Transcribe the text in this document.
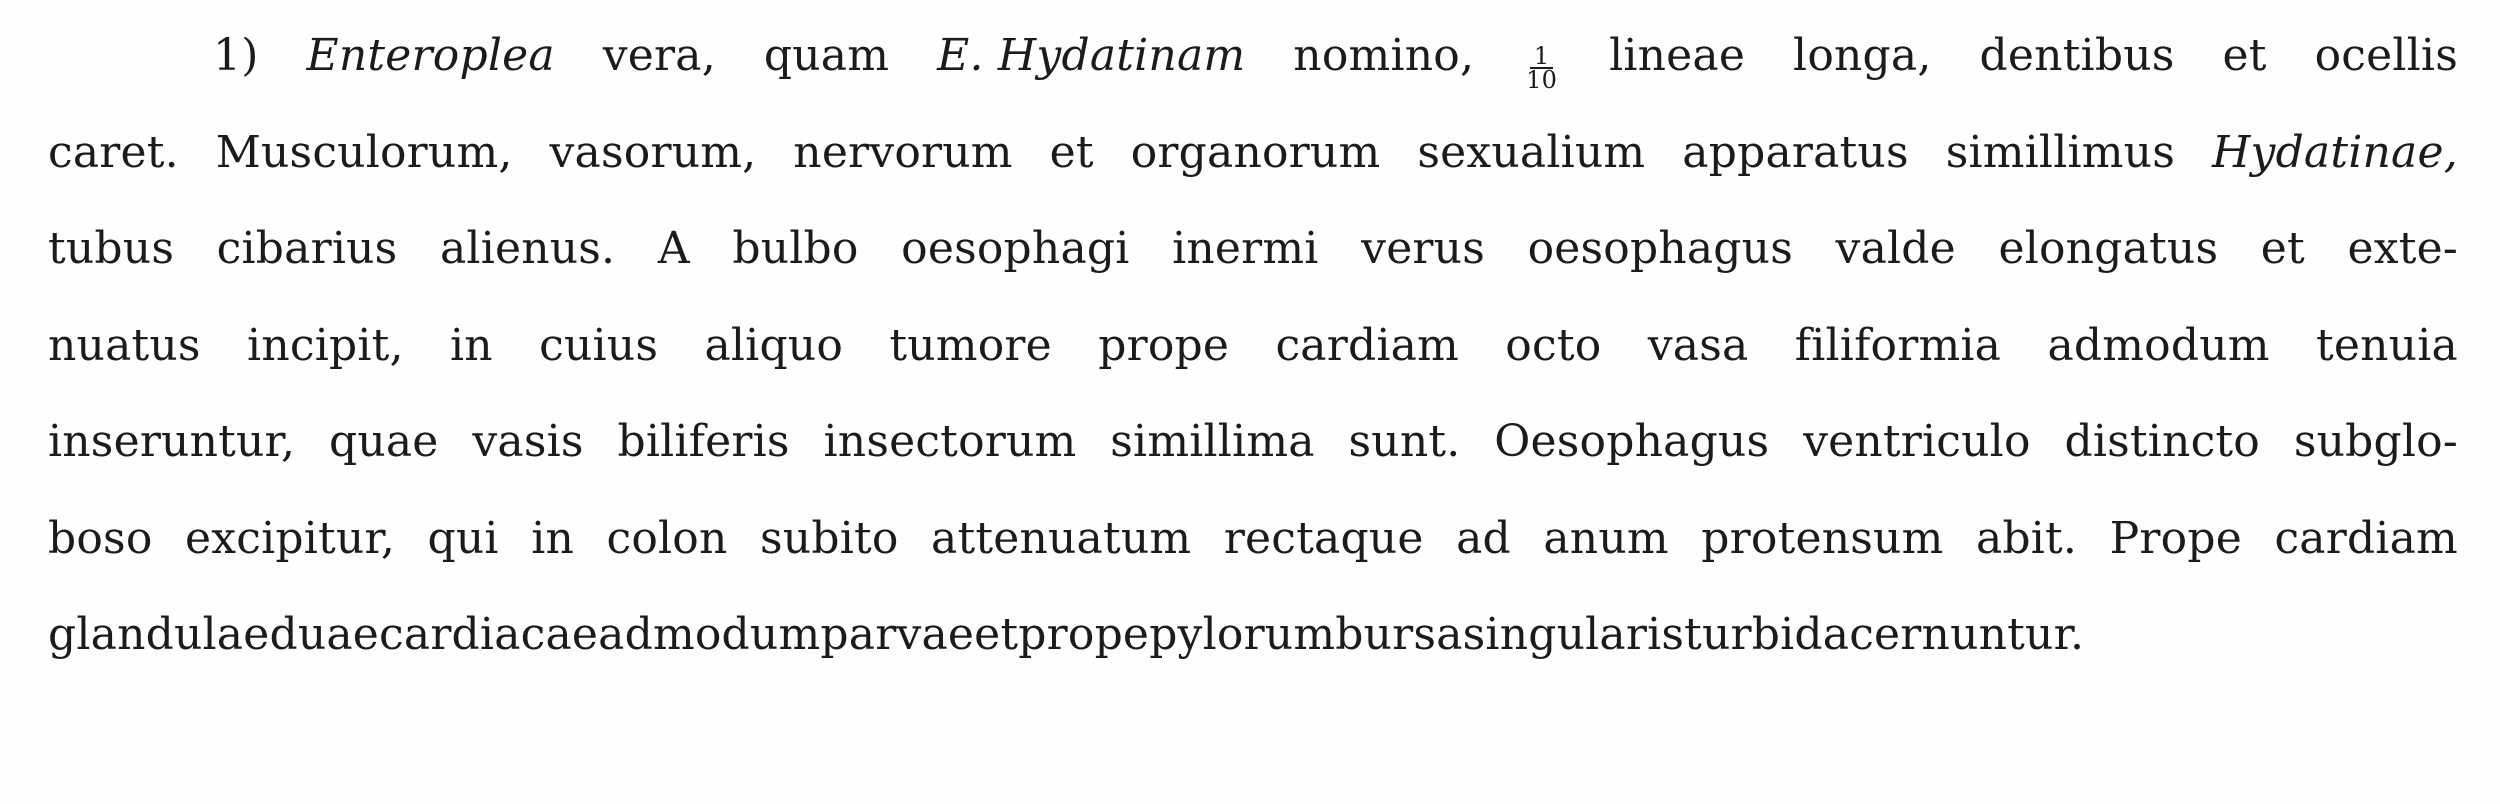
1) Enteroplea vera, quam E. Hydatinam nomino, $\frac{1}{10}$ lineae longa, dentibus et ocellis
caret. Musculorum, vasorum, nervorum et organorum sexualium apparatus simillimus Hydatinae,
tubus cibarius alienus. A bulbo oesophagi inermi verus oesophagus valde elongatus et exte-
nuatus incipit, in cuius aliquo tumore prope cardiam octo vasa filiformia admodum tenuia
inseruntur, quae vasis biliferis insectorum simillima sunt. Oesophagus ventriculo distincto subglo-
boso excipitur, qui in colon subito attenuatum rectaque ad anum protensum abit. Prope cardiam
glandulae duae cardiacae admodum parvae et prope pylorum bursa singularis turbida cernuntur.
